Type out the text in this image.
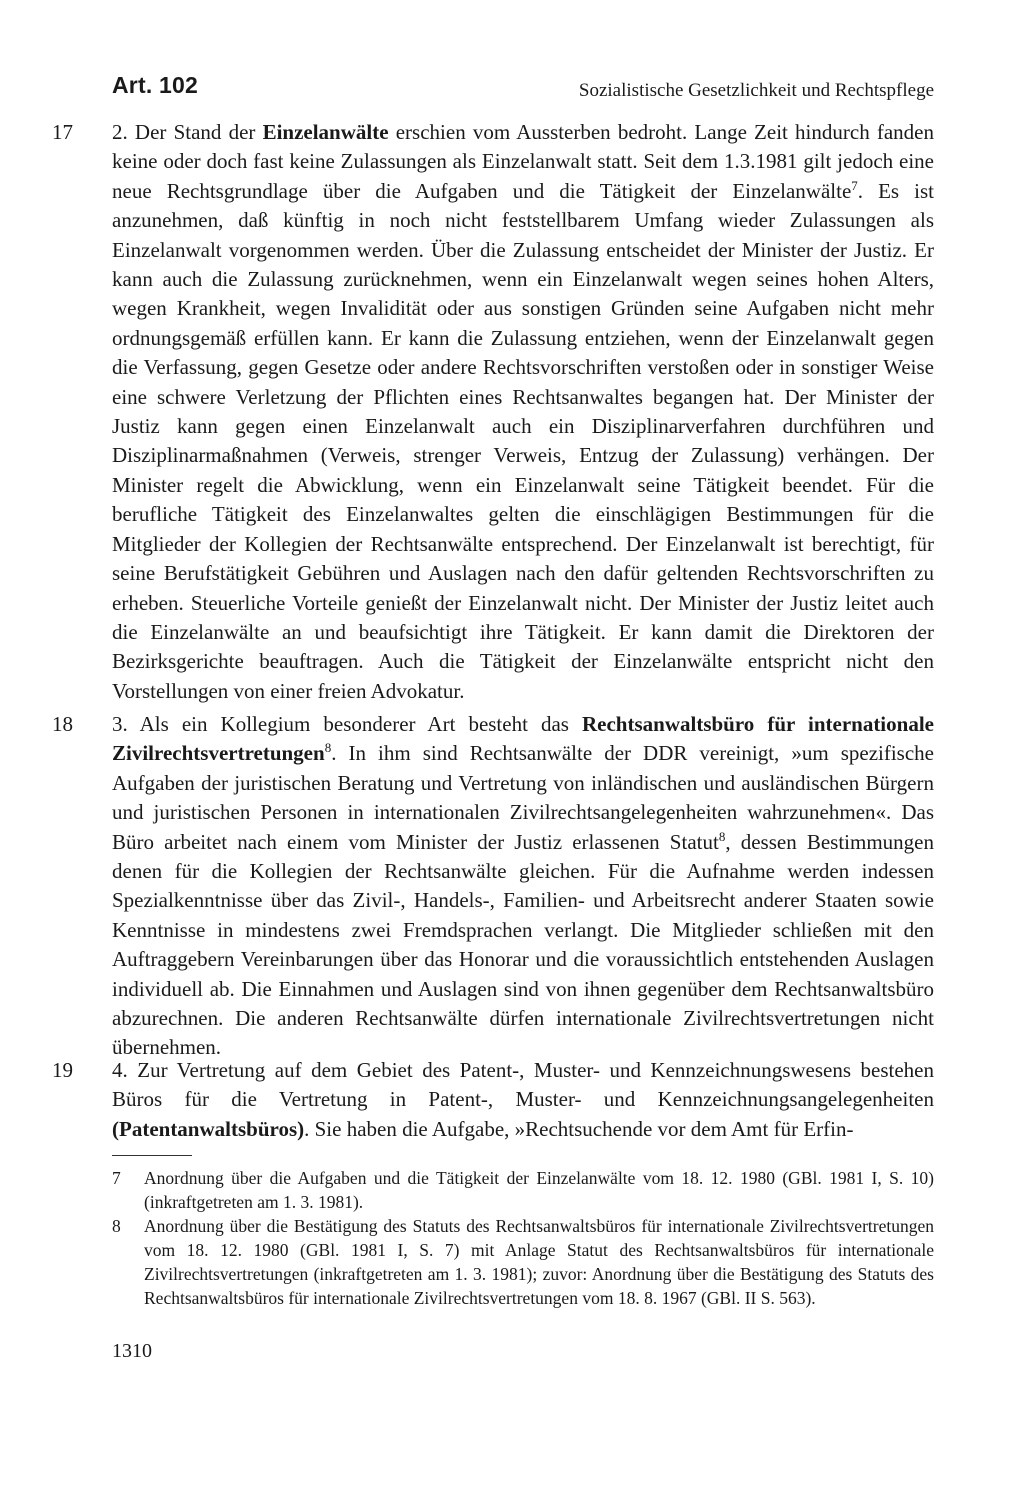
Art. 102	Sozialistische Gesetzlichkeit und Rechtspflege
17 2. Der Stand der Einzelanwälte erschien vom Aussterben bedroht. Lange Zeit hindurch fanden keine oder doch fast keine Zulassungen als Einzelanwalt statt. Seit dem 1.3.1981 gilt jedoch eine neue Rechtsgrundlage über die Aufgaben und die Tätigkeit der Einzelanwälte$^7$. Es ist anzunehmen, daß künftig in noch nicht feststellbarem Umfang wieder Zulassungen als Einzelanwalt vorgenommen werden. Über die Zulassung entscheidet der Minister der Justiz. Er kann auch die Zulassung zurücknehmen, wenn ein Einzelanwalt wegen seines hohen Alters, wegen Krankheit, wegen Invalidität oder aus sonstigen Gründen seine Aufgaben nicht mehr ordnungsgemäß erfüllen kann. Er kann die Zulassung entziehen, wenn der Einzelanwalt gegen die Verfassung, gegen Gesetze oder andere Rechtsvorschriften verstoßen oder in sonstiger Weise eine schwere Verletzung der Pflichten eines Rechtsanwaltes begangen hat. Der Minister der Justiz kann gegen einen Einzelanwalt auch ein Disziplinarverfahren durchführen und Disziplinarmaßnahmen (Verweis, strenger Verweis, Entzug der Zulassung) verhängen. Der Minister regelt die Abwicklung, wenn ein Einzelanwalt seine Tätigkeit beendet. Für die berufliche Tätigkeit des Einzelanwaltes gelten die einschlägigen Bestimmungen für die Mitglieder der Kollegien der Rechtsanwälte entsprechend. Der Einzelanwalt ist berechtigt, für seine Berufstätigkeit Gebühren und Auslagen nach den dafür geltenden Rechtsvorschriften zu erheben. Steuerliche Vorteile genießt der Einzelanwalt nicht. Der Minister der Justiz leitet auch die Einzelanwälte an und beaufsichtigt ihre Tätigkeit. Er kann damit die Direktoren der Bezirksgerichte beauftragen. Auch die Tätigkeit der Einzelanwälte entspricht nicht den Vorstellungen von einer freien Advokatur.
18 3. Als ein Kollegium besonderer Art besteht das Rechtsanwaltsbüro für internationale Zivilrechtsvertretungen$^8$. In ihm sind Rechtsanwälte der DDR vereinigt, »um spezifische Aufgaben der juristischen Beratung und Vertretung von inländischen und ausländischen Bürgern und juristischen Personen in internationalen Zivilrechtsangelegenheiten wahrzunehmen«. Das Büro arbeitet nach einem vom Minister der Justiz erlassenen Statut$^8$, dessen Bestimmungen denen für die Kollegien der Rechtsanwälte gleichen. Für die Aufnahme werden indessen Spezialkenntnisse über das Zivil-, Handels-, Familien- und Arbeitsrecht anderer Staaten sowie Kenntnisse in mindestens zwei Fremdsprachen verlangt. Die Mitglieder schließen mit den Auftraggebern Vereinbarungen über das Honorar und die voraussichtlich entstehenden Auslagen individuell ab. Die Einnahmen und Auslagen sind von ihnen gegenüber dem Rechtsanwaltsbüro abzurechnen. Die anderen Rechtsanwälte dürfen internationale Zivilrechtsvertretungen nicht übernehmen.
19 4. Zur Vertretung auf dem Gebiet des Patent-, Muster- und Kennzeichnungswesens bestehen Büros für die Vertretung in Patent-, Muster- und Kennzeichnungsangelegenheiten (Patentanwaltsbüros). Sie haben die Aufgabe, »Rechtsuchende vor dem Amt für Erfin-
7	Anordnung über die Aufgaben und die Tätigkeit der Einzelanwälte vom 18. 12. 1980 (GBl. 1981 I, S. 10) (inkraftgetreten am 1. 3. 1981).
8	Anordnung über die Bestätigung des Statuts des Rechtsanwaltsbüros für internationale Zivilrechtsvertretungen vom 18. 12. 1980 (GBl. 1981 I, S. 7) mit Anlage Statut des Rechtsanwaltsbüros für internationale Zivilrechtsvertretungen (inkraftgetreten am 1. 3. 1981); zuvor: Anordnung über die Bestätigung des Statuts des Rechtsanwaltsbüros für internationale Zivilrechtsvertretungen vom 18. 8. 1967 (GBl. II S. 563).
1310
